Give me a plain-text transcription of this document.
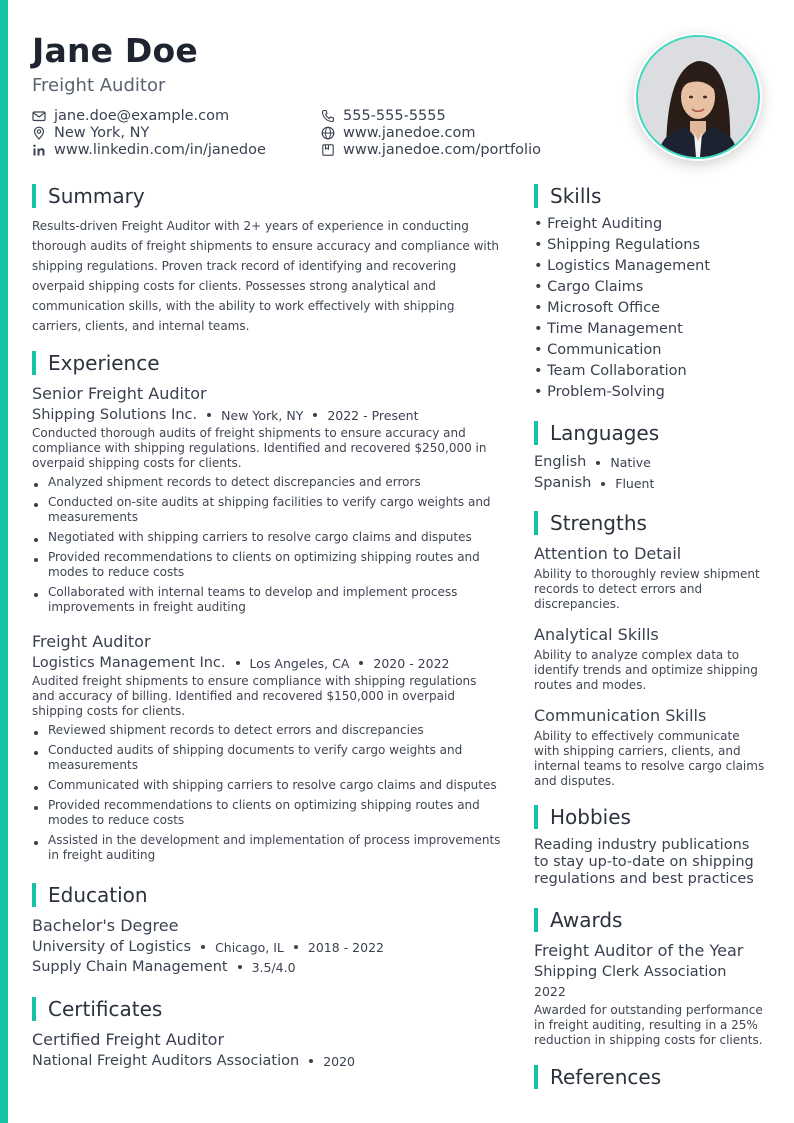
Jane Doe
Freight Auditor
jane.doe@example.com	555-555-5555
New York, NY	www.janedoe.com
www.linkedin.com/in/janedoe	www.janedoe.com/portfolio
Summary
Results-driven Freight Auditor with 2+ years of experience in conducting thorough audits of freight shipments to ensure accuracy and compliance with shipping regulations. Proven track record of identifying and recovering overpaid shipping costs for clients. Possesses strong analytical and communication skills, with the ability to work effectively with shipping carriers, clients, and internal teams.
Experience
Senior Freight Auditor
Shipping Solutions Inc. New York, NY 2022 - Present
Conducted thorough audits of freight shipments to ensure accuracy and compliance with shipping regulations. Identified and recovered $250,000 in overpaid shipping costs for clients.
Analyzed shipment records to detect discrepancies and errors
Conducted on-site audits at shipping facilities to verify cargo weights and measurements
Negotiated with shipping carriers to resolve cargo claims and disputes
Provided recommendations to clients on optimizing shipping routes and modes to reduce costs
Collaborated with internal teams to develop and implement process improvements in freight auditing
Freight Auditor
Logistics Management Inc. Los Angeles, CA 2020 - 2022
Audited freight shipments to ensure compliance with shipping regulations and accuracy of billing. Identified and recovered $150,000 in overpaid shipping costs for clients.
Reviewed shipment records to detect errors and discrepancies
Conducted audits of shipping documents to verify cargo weights and measurements
Communicated with shipping carriers to resolve cargo claims and disputes
Provided recommendations to clients on optimizing shipping routes and modes to reduce costs
Assisted in the development and implementation of process improvements in freight auditing
Education
Bachelor's Degree
University of Logistics Chicago, IL 2018 - 2022
Supply Chain Management 3.5/4.0
Certificates
Certified Freight Auditor
National Freight Auditors Association 2020
Skills
• Freight Auditing
• Shipping Regulations
• Logistics Management
• Cargo Claims
• Microsoft Office
• Time Management
• Communication
• Team Collaboration
• Problem-Solving
Languages
English Native
Spanish Fluent
Strengths
Attention to Detail
Ability to thoroughly review shipment records to detect errors and discrepancies.
Analytical Skills
Ability to analyze complex data to identify trends and optimize shipping routes and modes.
Communication Skills
Ability to effectively communicate with shipping carriers, clients, and internal teams to resolve cargo claims and disputes.
Hobbies
Reading industry publications to stay up-to-date on shipping regulations and best practices
Awards
Freight Auditor of the Year
Shipping Clerk Association
2022
Awarded for outstanding performance in freight auditing, resulting in a 25% reduction in shipping costs for clients.
References
